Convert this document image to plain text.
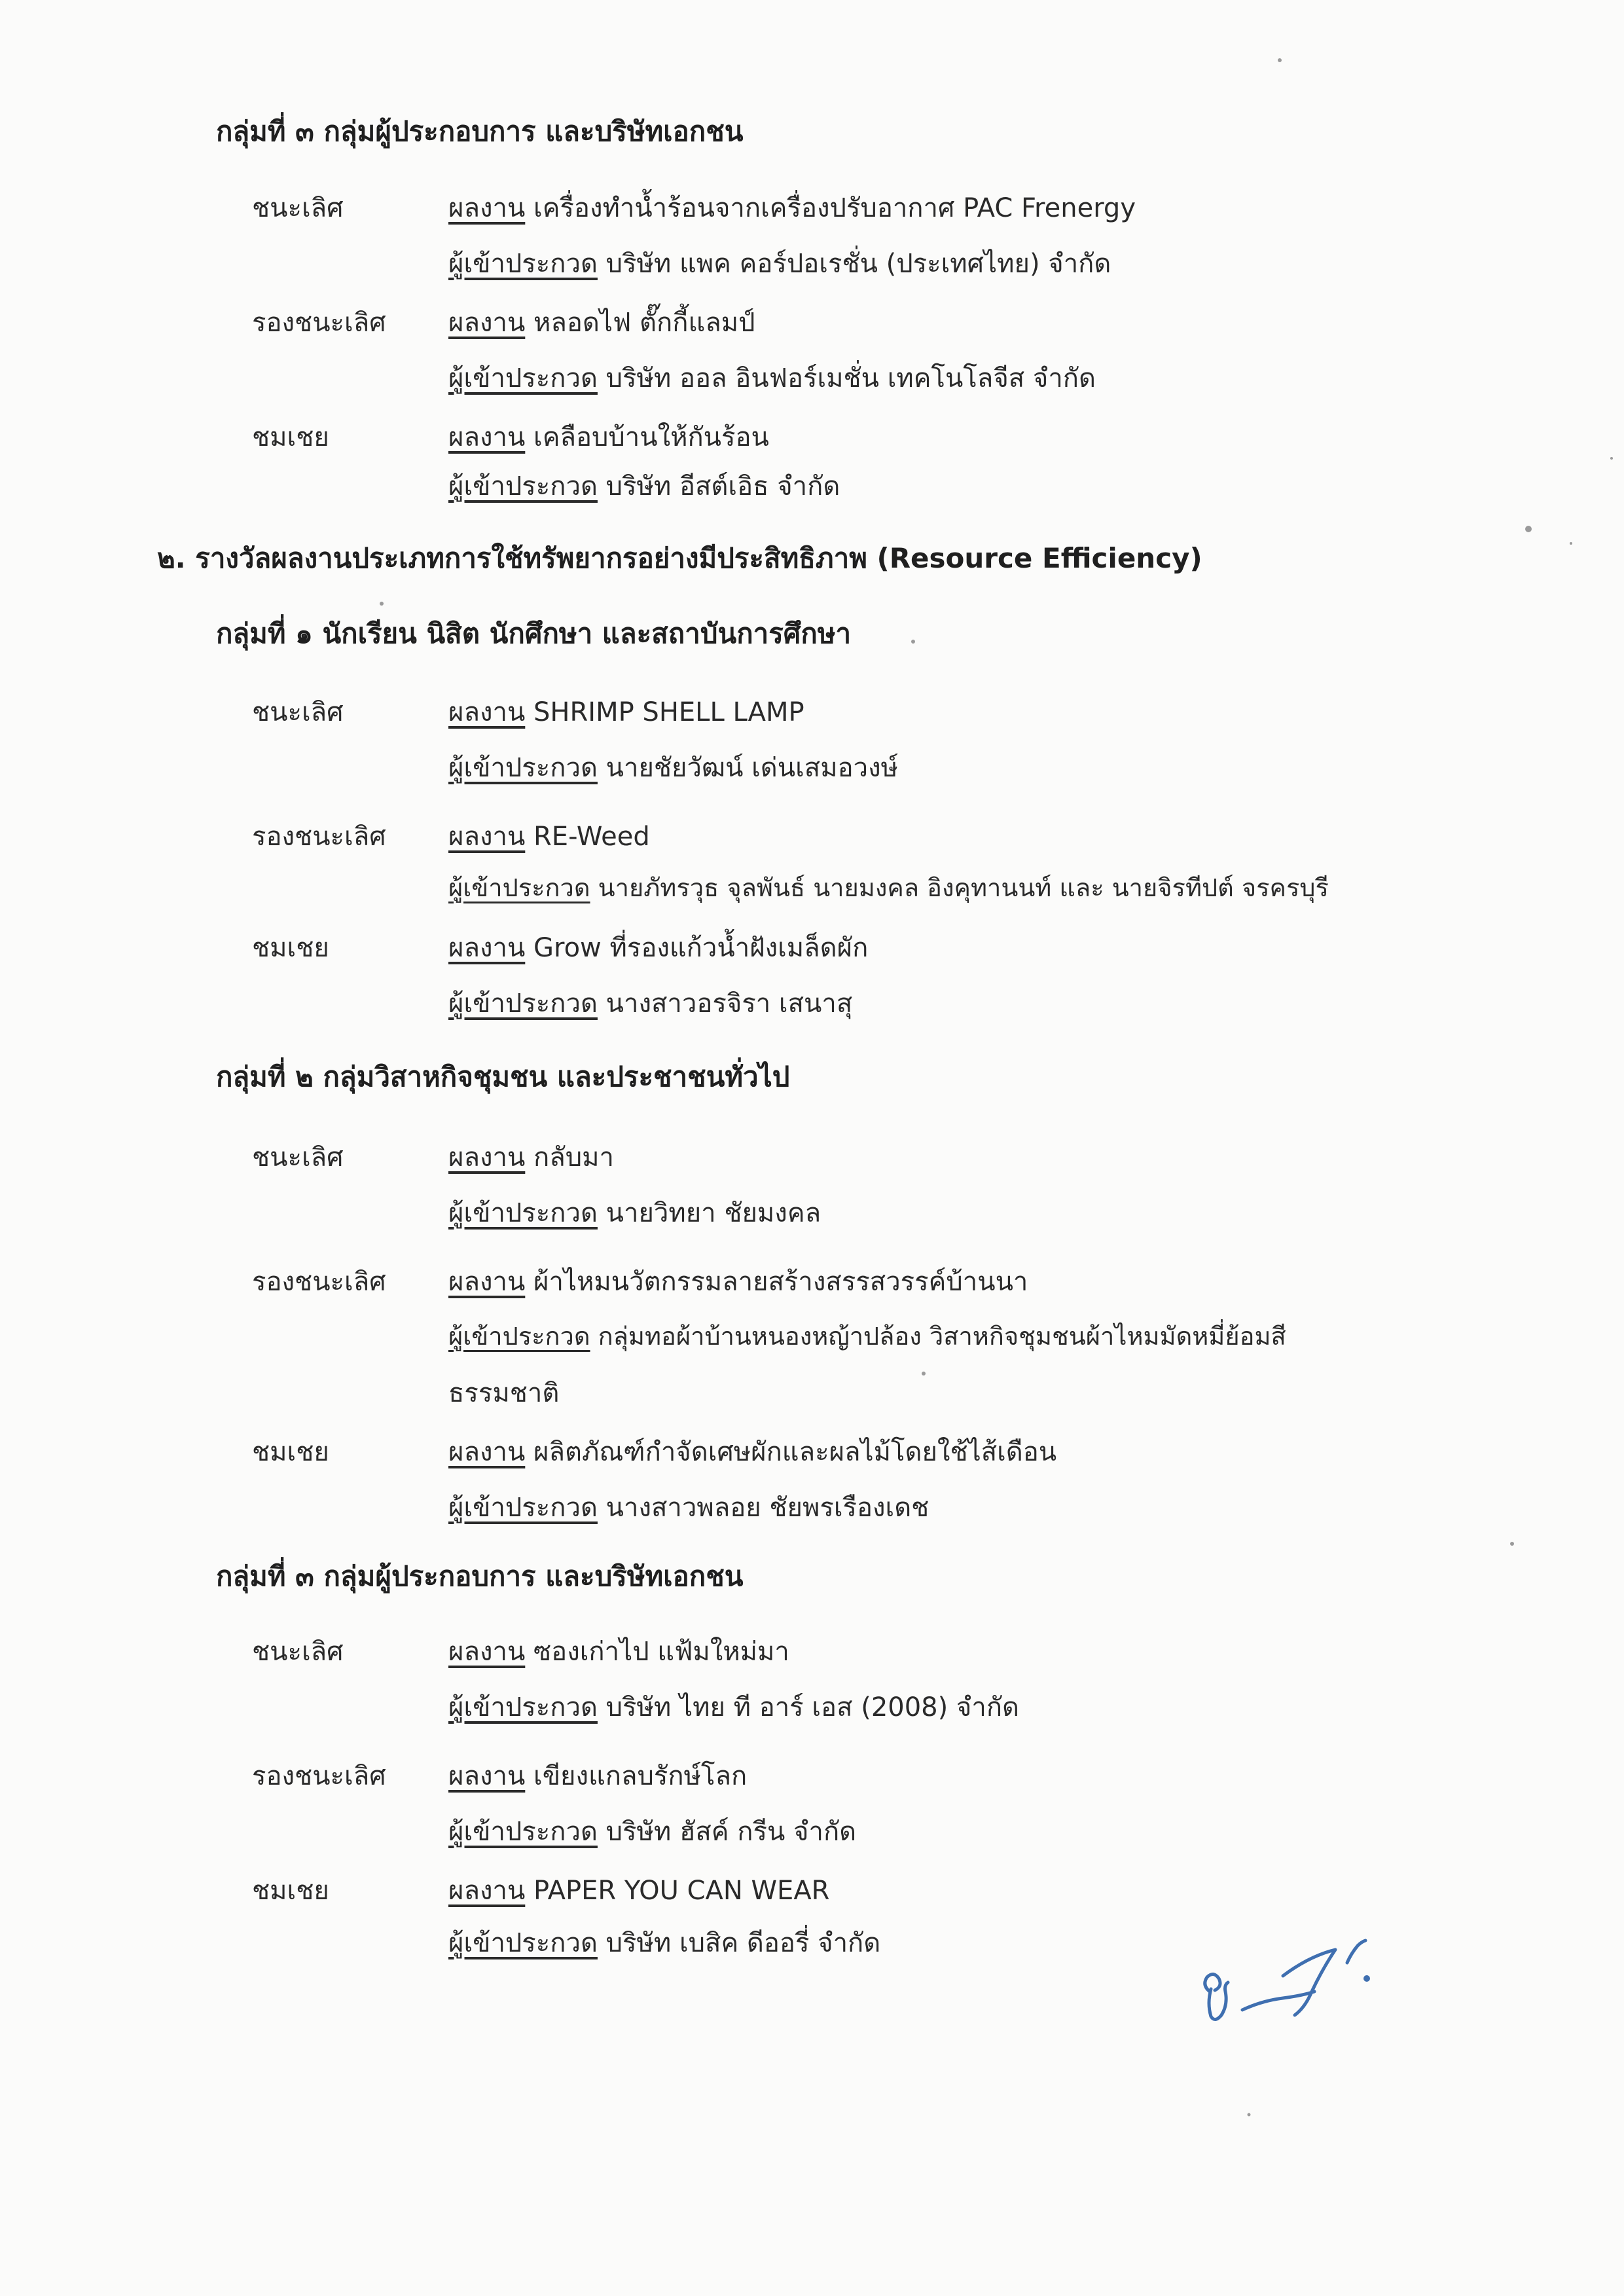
กลุ่มที่ ๓ กลุ่มผู้ประกอบการ และบริษัทเอกชน
ชนะเลิศ	ผลงาน เครื่องทำน้ำร้อนจากเครื่องปรับอากาศ PAC Frenergy
ผู้เข้าประกวด บริษัท แพค คอร์ปอเรชั่น (ประเทศไทย) จำกัด
รองชนะเลิศ ผลงาน หลอดไฟ ตั๊กกี้แลมป์
ผู้เข้าประกวด บริษัท ออล อินฟอร์เมชั่น เทคโนโลจีส จำกัด
ชมเชย	ผลงาน เคลือบบ้านให้กันร้อน
ผู้เข้าประกวด บริษัท อีสต์เอิธ จำกัด
๒. รางวัลผลงานประเภทการใช้ทรัพยากรอย่างมีประสิทธิภาพ (Resource Efficiency)
กลุ่มที่ ๑ นักเรียน นิสิต นักศึกษา และสถาบันการศึกษา
ชนะเลิศ	ผลงาน SHRIMP SHELL LAMP
ผู้เข้าประกวด นายชัยวัฒน์ เด่นเสมอวงษ์
รองชนะเลิศ ผลงาน RE-Weed
ผู้เข้าประกวด นายภัทรวุธ จุลพันธ์ นายมงคล อิงคุทานนท์ และ นายจิรทีปต์ จรครบุรี
ชมเชย	ผลงาน Grow ที่รองแก้วน้ำฝังเมล็ดผัก
ผู้เข้าประกวด นางสาวอรจิรา เสนาสุ
กลุ่มที่ ๒ กลุ่มวิสาหกิจชุมชน และประชาชนทั่วไป
ชนะเลิศ	ผลงาน กลับมา
ผู้เข้าประกวด นายวิทยา ชัยมงคล
รองชนะเลิศ ผลงาน ผ้าไหมนวัตกรรมลายสร้างสรรสวรรค์บ้านนา
ผู้เข้าประกวด กลุ่มทอผ้าบ้านหนองหญ้าปล้อง วิสาหกิจชุมชนผ้าไหมมัดหมี่ย้อมสี
ธรรมชาติ
ชมเชย	ผลงาน ผลิตภัณฑ์กำจัดเศษผักและผลไม้โดยใช้ไส้เดือน
ผู้เข้าประกวด นางสาวพลอย ชัยพรเรืองเดช
กลุ่มที่ ๓ กลุ่มผู้ประกอบการ และบริษัทเอกชน
ชนะเลิศ	ผลงาน ซองเก่าไป แฟ้มใหม่มา
ผู้เข้าประกวด บริษัท ไทย ที อาร์ เอส (2008) จำกัด
รองชนะเลิศ ผลงาน เขียงแกลบรักษ์โลก
ผู้เข้าประกวด บริษัท ฮัสค์ กรีน จำกัด
ชมเชย	ผลงาน PAPER YOU CAN WEAR
ผู้เข้าประกวด บริษัท เบสิค ดีออรี่ จำกัด
